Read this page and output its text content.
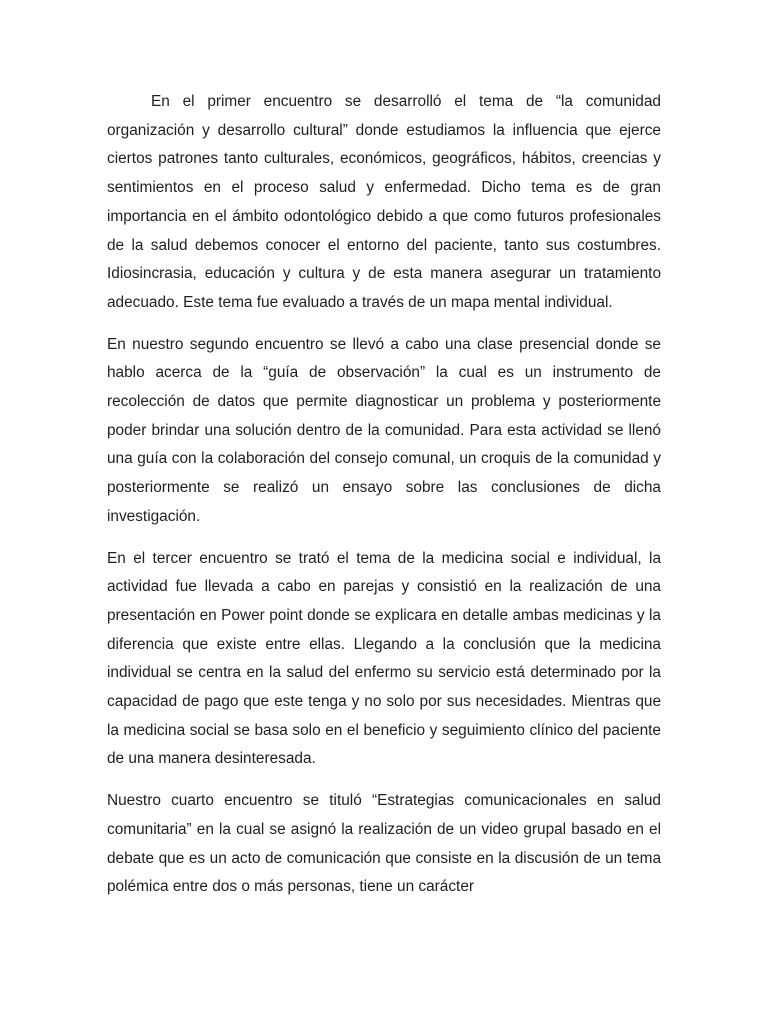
En el primer encuentro se desarrolló el tema de “la comunidad organización y desarrollo cultural” donde estudiamos la influencia que ejerce ciertos patrones tanto culturales, económicos, geográficos, hábitos, creencias y sentimientos en el proceso salud y enfermedad. Dicho tema es de gran importancia en el ámbito odontológico debido a que como futuros profesionales de la salud debemos conocer el entorno del paciente, tanto sus costumbres. Idiosincrasia, educación y cultura y de esta manera asegurar un tratamiento adecuado. Este tema fue evaluado a través de un mapa mental individual.

En nuestro segundo encuentro se llevó a cabo una clase presencial donde se hablo acerca de la “guía de observación” la cual es un instrumento de recolección de datos que permite diagnosticar un problema y posteriormente poder brindar una solución dentro de la comunidad. Para esta actividad se llenó una guía con la colaboración del consejo comunal, un croquis de la comunidad y posteriormente se realizó un ensayo sobre las conclusiones de dicha investigación.

En el tercer encuentro se trató el tema de la medicina social e individual, la actividad fue llevada a cabo en parejas y consistió en la realización de una presentación en Power point donde se explicara en detalle ambas medicinas y la diferencia que existe entre ellas. Llegando a la conclusión que la medicina individual se centra en la salud del enfermo su servicio está determinado por la capacidad de pago que este tenga y no solo por sus necesidades. Mientras que la medicina social se basa solo en el beneficio y seguimiento clínico del paciente de una manera desinteresada.

Nuestro cuarto encuentro se tituló “Estrategias comunicacionales en salud comunitaria” en la cual se asignó la realización de un video grupal basado en el debate que es un acto de comunicación que consiste en la discusión de un tema polémica entre dos o más personas, tiene un carácter
